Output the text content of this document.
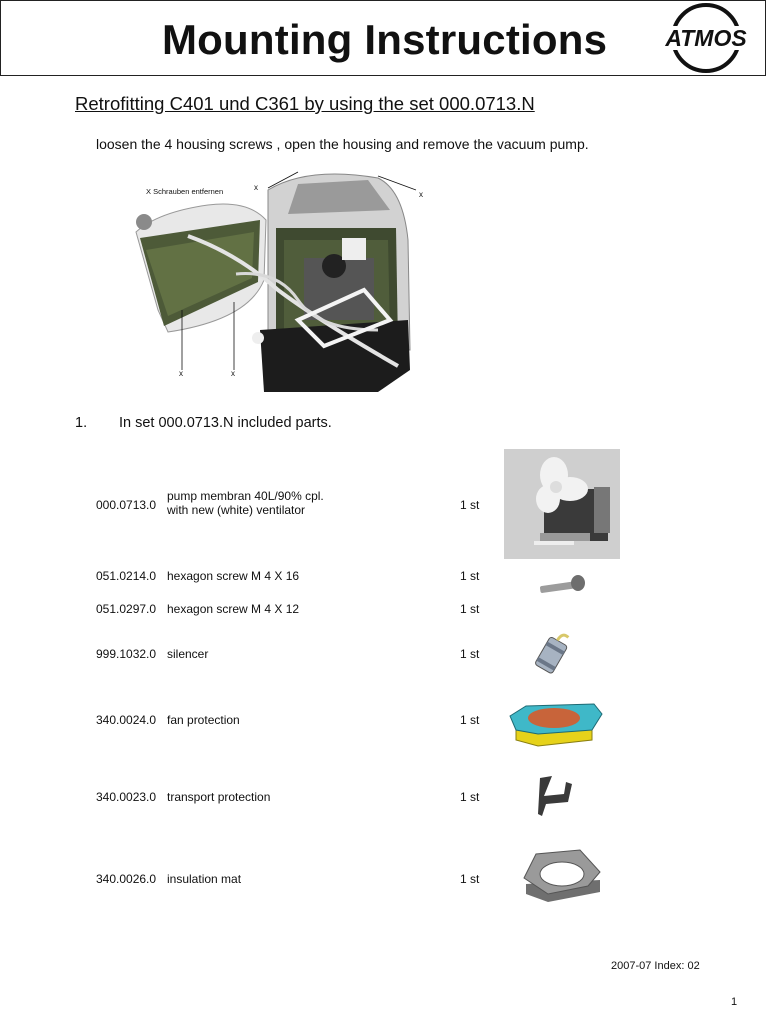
Mounting Instructions	ATMOS
Retrofitting C401 und C361 by using the set 000.0713.N
loosen the 4 housing screws , open the housing and remove the vacuum pump.
X Schrauben entfernen	x
x
x	x
1. In set 000.0713.N included parts.
000.0713.0
pump membran 40L/90% cpl.
with new (white) ventilator	1 st
051.0214.0 hexagon screw M 4 X 16	1 st
051.0297.0 hexagon screw M 4 X 12	1 st
999.1032.0 silencer	1 st
340.0024.0 fan protection	1 st
340.0023.0 transport protection	1 st
340.0026.0 insulation mat	1 st
2007-07 Index: 02
1
